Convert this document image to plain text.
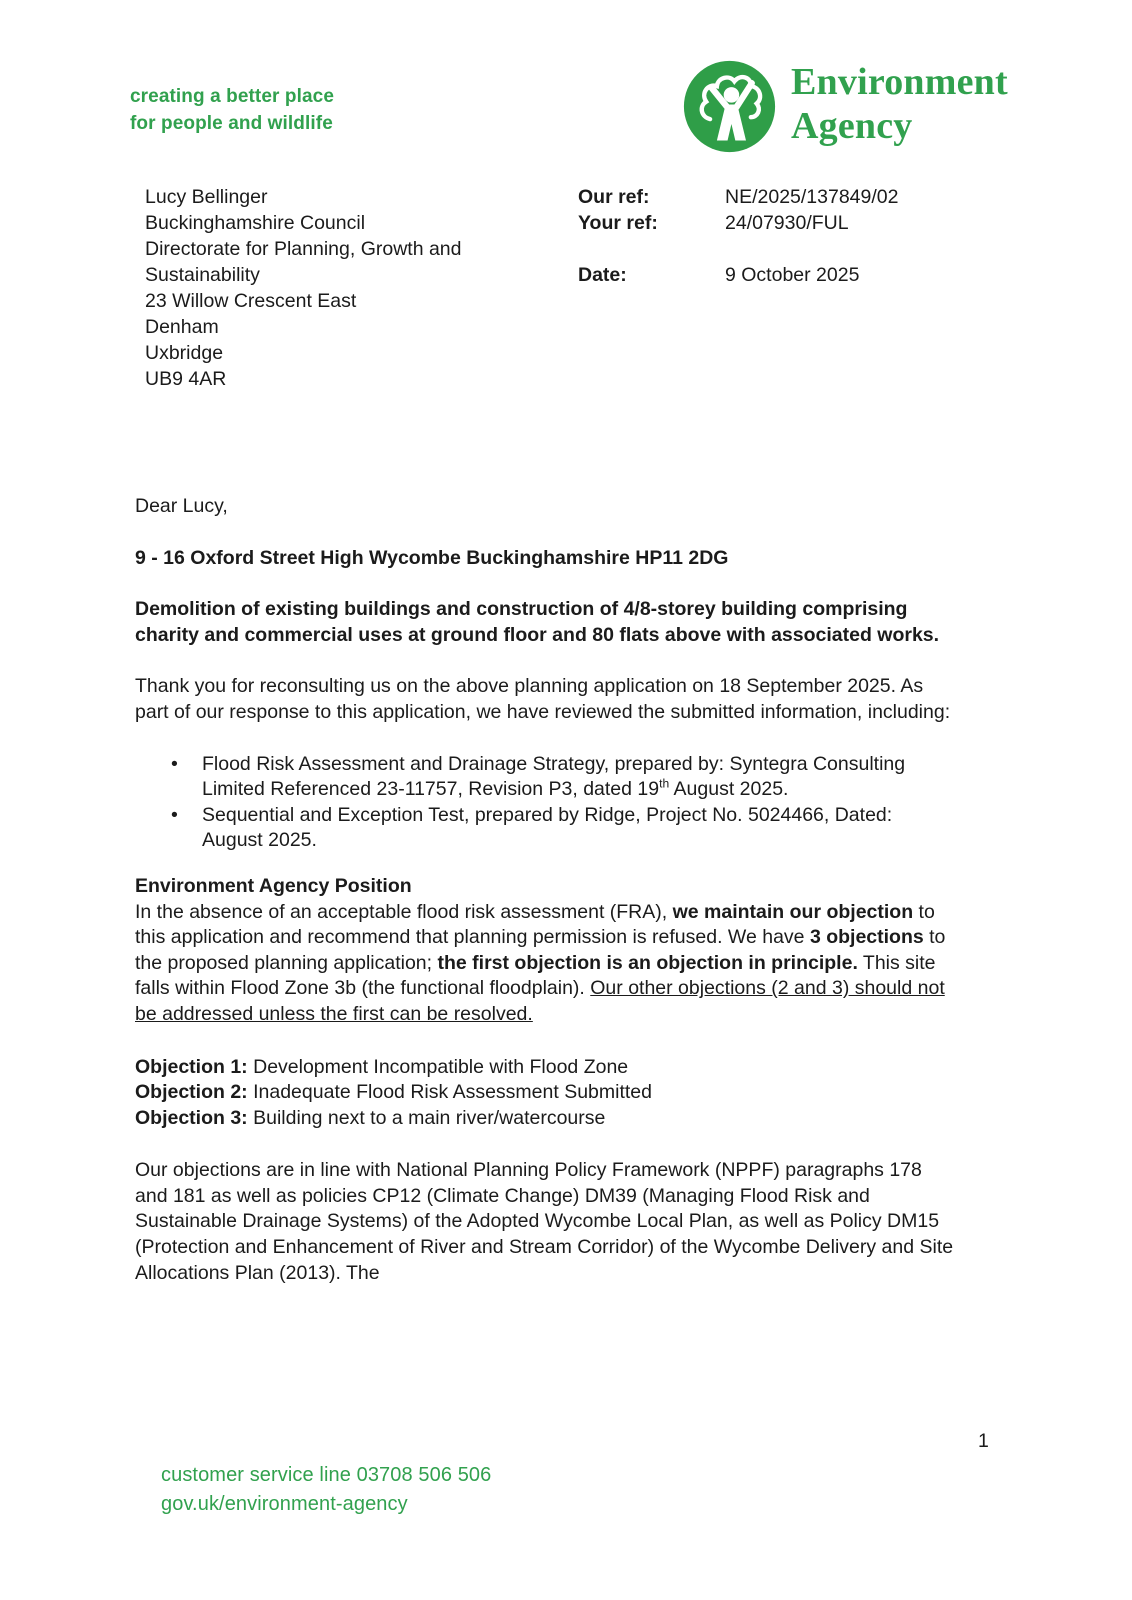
creating a better place
for people and wildlife
Environment
Agency
Lucy Bellinger
Buckinghamshire Council
Directorate for Planning, Growth and Sustainability
23 Willow Crescent East
Denham
Uxbridge
UB9 4AR
Our ref:	NE/2025/137849/02
Your ref:	24/07930/FUL
Date:	9 October 2025

Dear Lucy,

9 - 16 Oxford Street High Wycombe Buckinghamshire HP11 2DG

Demolition of existing buildings and construction of 4/8-storey building comprising charity and commercial uses at ground floor and 80 flats above with associated works.

Thank you for reconsulting us on the above planning application on 18 September 2025. As part of our response to this application, we have reviewed the submitted information, including:

• Flood Risk Assessment and Drainage Strategy, prepared by: Syntegra Consulting Limited Referenced 23-11757, Revision P3, dated 19th August 2025.
• Sequential and Exception Test, prepared by Ridge, Project No. 5024466, Dated: August 2025.

Environment Agency Position

In the absence of an acceptable flood risk assessment (FRA), we maintain our objection to this application and recommend that planning permission is refused. We have 3 objections to the proposed planning application; the first objection is an objection in principle. This site falls within Flood Zone 3b (the functional floodplain). Our other objections (2 and 3) should not be addressed unless the first can be resolved.

Objection 1: Development Incompatible with Flood Zone

Objection 2: Inadequate Flood Risk Assessment Submitted

Objection 3: Building next to a main river/watercourse

Our objections are in line with National Planning Policy Framework (NPPF) paragraphs 178 and 181 as well as policies CP12 (Climate Change) DM39 (Managing Flood Risk and Sustainable Drainage Systems) of the Adopted Wycombe Local Plan, as well as Policy DM15 (Protection and Enhancement of River and Stream Corridor) of the Wycombe Delivery and Site Allocations Plan (2013). The

1
customer service line 03708 506 506
gov.uk/environment-agency
